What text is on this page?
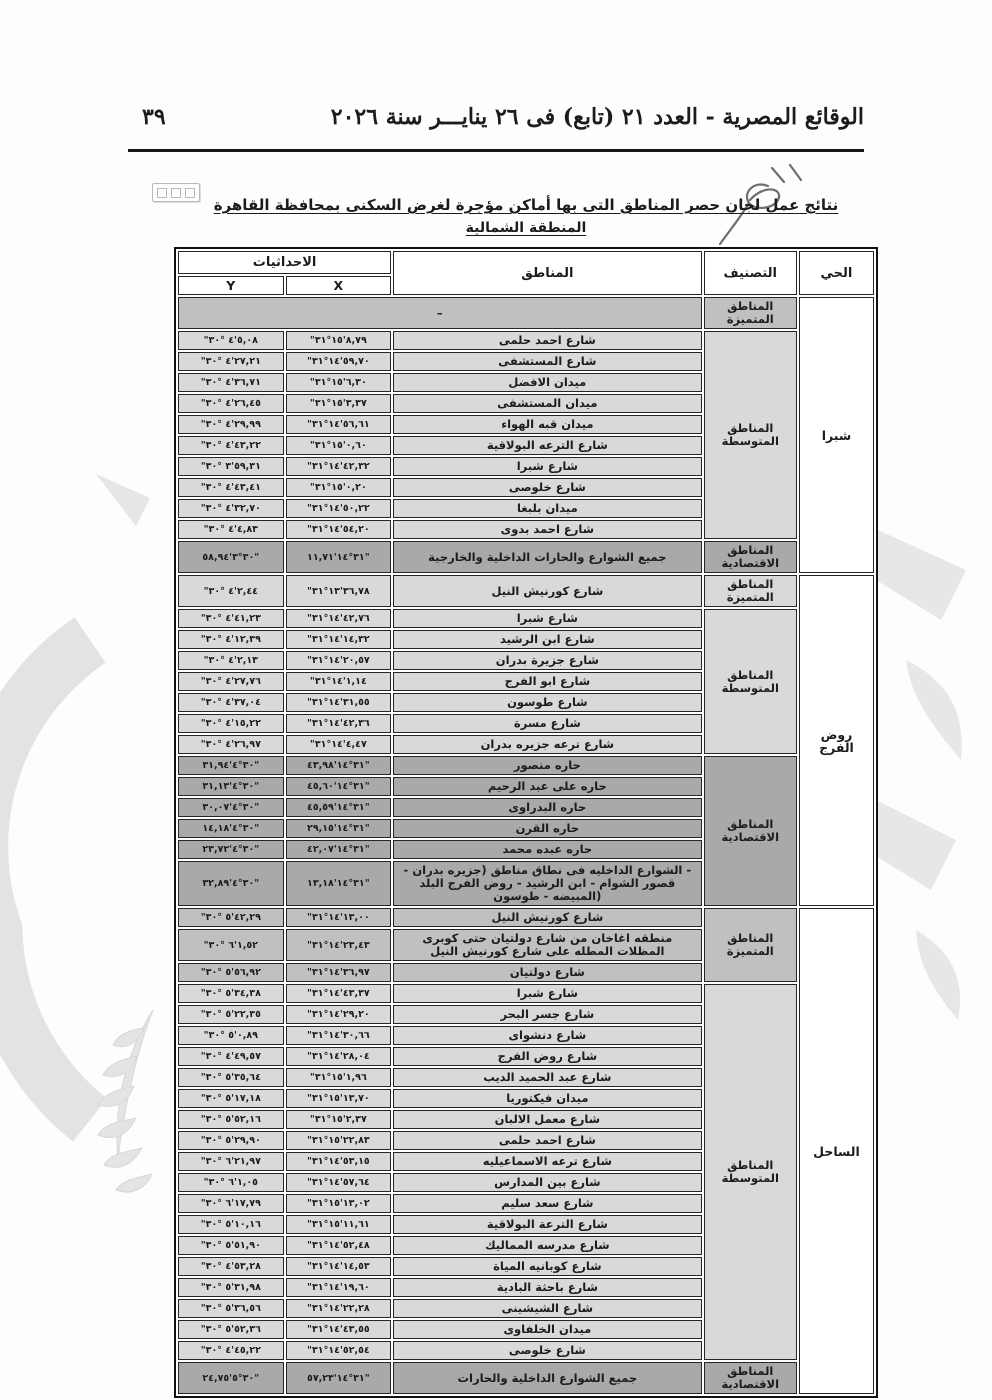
الوقائع المصرية - العدد ٢١ (تابع) فى ٢٦ ينايـــر سنة ٢٠٢٦
٣٩
نتائج عمل لجان حصر المناطق التى بها أماكن مؤجرة لغرض السكنى بمحافظة القاهرة
المنطقة الشمالية
الحي	التصنيف	المناطق	الاحداثيات	
			X	Y
شبرا	المناطق المتميزة	–		
	المناطق المتوسطة	شارع احمد حلمى	"٨,٧٩'١٥°٣١	"٥,٠٨'٤ °٣٠
		شارع المستشفى	"٥٩,٧٠'١٤°٣١	"٢٧,٢١'٤ °٣٠
		ميدان الافضل	"٦,٣٠'١٥°٣١	"٣٦,٧١'٤ °٣٠
		ميدان المستشفى	"٣,٣٧'١٥°٣١	"٢٦,٤٥'٤ °٣٠
		ميدان قبه الهواء	"٥٦,٦١'١٤°٣١	"٢٩,٩٩'٤ °٣٠
		شارع الترعه البولاقية	"٠,٦٠'١٥°٣١	"٤٣,٢٢'٤ °٣٠
		شارع شبرا	"٤٢,٣٢'١٤°٣١	"٥٩,٣١'٣ °٣٠
		شارع خلوصى	"٠,٢٠'١٥°٣١	"٤٣,٤١'٤ °٣٠
		ميدان بلبغا	"٥٠,٢٢'١٤°٣١	"٣٢,٧٠'٤ °٣٠
		شارع احمد بدوى	"٥٤,٢٠'١٤°٣١	"٤,٨٣'٤ °٣٠
	المناطق الاقتصادية	جميع الشوارع والحارات الداخلية والخارجية	٣١°١٤'١١,٧١"	٣٠°٣'٥٨,٩٤"
روض الفرج	المناطق المتميزة	شارع كورنيش النيل	"٣٦,٧٨'١٣°٣١	"٢,٤٤'٤ °٣٠
	المناطق المتوسطة	شارع شبرا	"٤٢,٧٦'١٤°٣١	"٤١,٢٣'٤ °٣٠
		شارع ابن الرشيد	"١٤,٣٢'١٤°٣١	"١٢,٣٩'٤ °٣٠
		شارع جزيرة بدران	"٢٠,٥٧'١٤°٣١	"٢,١٣'٤ °٣٠
		شارع ابو الفرج	"١,١٤'١٤°٣١	"٢٧,٧٦'٤ °٣٠
		شارع طوسون	"٣١,٥٥'١٤°٣١	"٣٧,٠٤'٤ °٣٠
		شارع مسرة	"٤٢,٣٦'١٤°٣١	"١٥,٢٢'٤ °٣٠
		شارع ترعه جزيره بدران	"٤,٤٧'١٤°٣١	"٢٦,٩٧'٤ °٣٠
	المناطق الاقتصادية	حاره منصور	٣١°١٤'٤٣,٩٨"	٣٠°٤'٣١,٩٤"
		حاره على عبد الرحيم	٣١°١٤'٤٥,٦٠"	٣٠°٤'٣١,١٣"
		حاره البدراوى	٣١°١٤'٤٥,٥٩"	٣٠°٤'٣٠,٠٧"
		حاره القرن	٣١°١٤'٢٩,١٥"	٣٠°٤'١٤,١٨"
		حاره عبده محمد	٣١°١٤'٤٢,٠٧"	٣٠°٤'٢٣,٧٢"
		- الشوارع الداخليه فى نطاق مناطق (جزيره بدران - قصور الشوام - ابن الرشيد - روض الفرج البلد (المبيضه - طوسون	٣١°١٤'١٣,١٨"	٣٠°٤'٣٢,٨٩"
الساحل	المناطق المتميزة	شارع كورنيش النيل	"١٣,٠٠'١٤°٣١	"٤٢,٢٩'٥ °٣٠
		منطقه اغاخان من شارع دولتيان حتى كوبرى المظلات المطله على شارع كورنيش النيل	"٢٣,٤٣'١٤°٣١	"١,٥٢'٦ °٣٠
		شارع دولتيان	"٣٦,٩٧'١٤°٣١	"٥٦,٩٢'٥ °٣٠
	المناطق المتوسطة	شارع شبرا	"٤٣,٣٧'١٤°٣١	"٣٤,٣٨'٥ °٣٠
		شارع جسر البحر	"٢٩,٢٠'١٤°٣١	"٢٢,٣٥'٥ °٣٠
		شارع دنشواى	"٣٠,٦٦'١٤°٣١	"٠,٨٩'٥ °٣٠
		شارع روض الفرج	"٢٨,٠٤'١٤°٣١	"٤٩,٥٧'٤ °٣٠
		شارع عبد الحميد الديب	"١,٩٦'١٥°٣١	"٣٥,٦٤'٥ °٣٠
		ميدان فيكتوريا	"١٣,٧٠'١٥°٣١	"١٧,١٨'٥ °٣٠
		شارع معمل الالبان	"٢,٣٧'١٥°٣١	"٥٢,١٦'٥ °٣٠
		شارع احمد حلمى	"٢٢,٨٣'١٥°٣١	"٢٩,٩٠'٥ °٣٠
		شارع ترعه الاسماعيليه	"٥٣,١٥'١٤°٣١	"٢١,٩٧'٦ °٣٠
		شارع بين المدارس	"٥٧,٦٤'١٤°٣١	"١,٠٥'٦ °٣٠
		شارع سعد سليم	"١٣,٠٢'١٥°٣١	"١٧,٧٩'٦ °٣٠
		شارع الترعة البولاقية	"١١,٦١'١٥°٣١	"١٠,١٦'٥ °٣٠
		شارع مدرسه المماليك	"٥٢,٤٨'١٤°٣١	"٥١,٩٠'٥ °٣٠
		شارع كوبانيه المياة	"١٤,٥٣'١٤°٣١	"٥٣,٢٨'٤ °٣٠
		شارع باحثة البادية	"١٩,٦٠'١٤°٣١	"٣١,٩٨'٥ °٣٠
		شارع الشيشينى	"٢٢,٢٨'١٤°٣١	"٣٦,٥٦'٥ °٣٠
		ميدان الخلفاوى	"٤٣,٥٥'١٤°٣١	"٥٢,٣٦'٥ °٣٠
		شارع خلوصى	"٥٢,٥٤'١٤°٣١	"٤٥,٢٢'٤ °٣٠
	المناطق الاقتصادية	جميع الشوارع الداخلية والحارات	٣١°١٤'٥٧,٢٣"	٣٠°٥'٢٤,٧٥"
